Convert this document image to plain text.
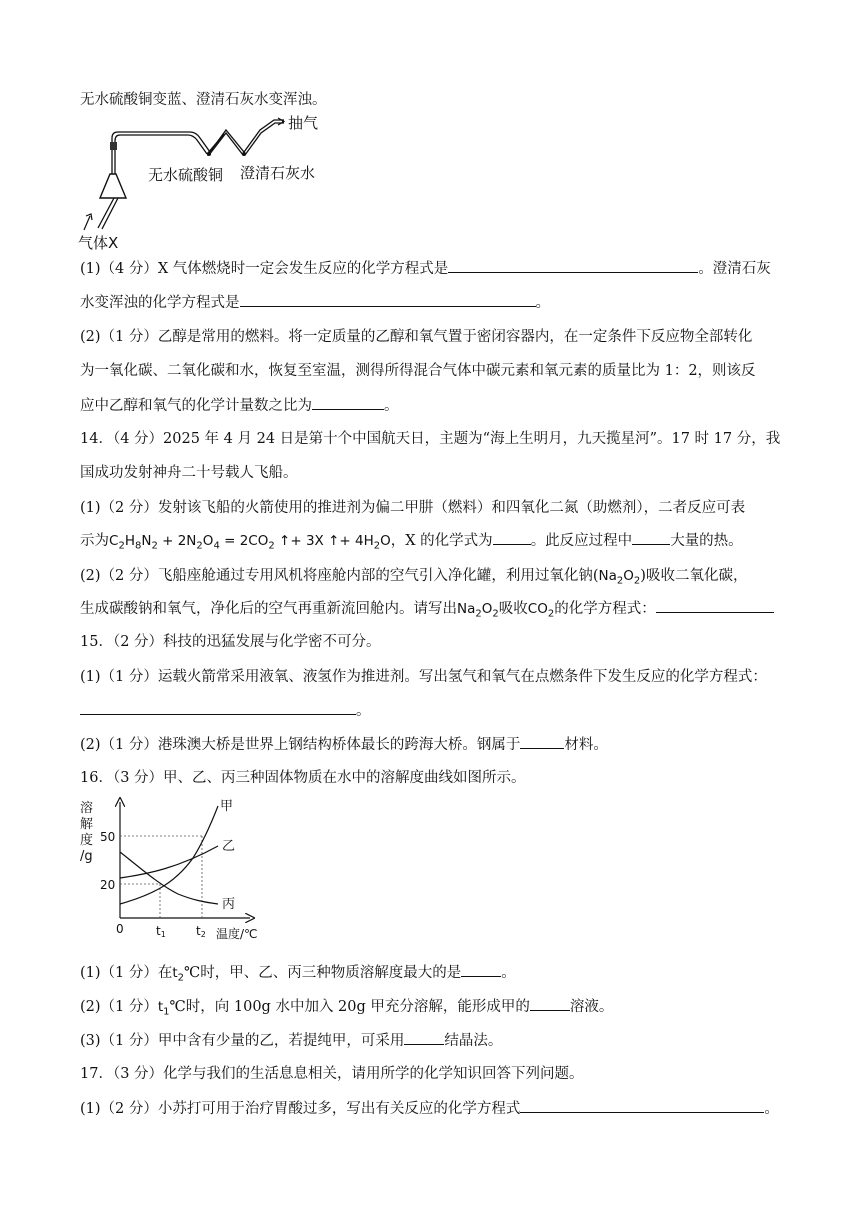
无水硫酸铜变蓝、澄清石灰水变浑浊。
抽气
无水硫酸铜 澄清石灰水
气体X
(1)（4 分）X 气体燃烧时一定会发生反应的化学方程式是	。澄清石灰
水变浑浊的化学方程式是	。
(2)（1 分）乙醇是常用的燃料。将一定质量的乙醇和氧气置于密闭容器内，在一定条件下反应物全部转化
为一氧化碳、二氧化碳和水，恢复至室温，测得所得混合气体中碳元素和氧元素的质量比为 1：2，则该反
应中乙醇和氧气的化学计量数之比为	。
14．（4 分）2025 年 4 月 24 日是第十个中国航天日，主题为“海上生明月，九天揽星河”。17 时 17 分，我
国成功发射神舟二十号载人飞船。
(1)（2 分）发射该飞船的火箭使用的推进剂为偏二甲肼（燃料）和四氧化二氮（助燃剂），二者反应可表
示为$C_2H_8N_2 + 2N_2O_4 = 2CO_2$ ↑+ 3X ↑+ $4H_2O$，X 的化学式为	。此反应过程中	大量的热。
(2)（2 分）飞船座舱通过专用风机将座舱内部的空气引入净化罐，利用过氧化钠$(Na_2O_2)$吸收二氧化碳，
生成碳酸钠和氧气，净化后的空气再重新流回舱内。请写出$Na_2O_2$吸收$CO_2$的化学方程式：
15．（2 分）科技的迅猛发展与化学密不可分。
(1)（1 分）运载火箭常采用液氧、液氢作为推进剂。写出氢气和氧气在点燃条件下发生反应的化学方程式：
。
(2)（1 分）港珠澳大桥是世界上钢结构桥体最长的跨海大桥。钢属于	材料。
16．（3 分）甲、乙、丙三种固体物质在水中的溶解度曲线如图所示。
溶
解
度
/g
50
20
0	t1	t2 温度/℃
甲
乙
丙
(1)（1 分）在$t_2℃$时，甲、乙、丙三种物质溶解度最大的是	。
(2)（1 分）$t_1℃$时，向 100g 水中加入 20g 甲充分溶解，能形成甲的	溶液。
(3)（1 分）甲中含有少量的乙，若提纯甲，可采用	结晶法。
17．（3 分）化学与我们的生活息息相关，请用所学的化学知识回答下列问题。
(1)（2 分）小苏打可用于治疗胃酸过多，写出有关反应的化学方程式	。
